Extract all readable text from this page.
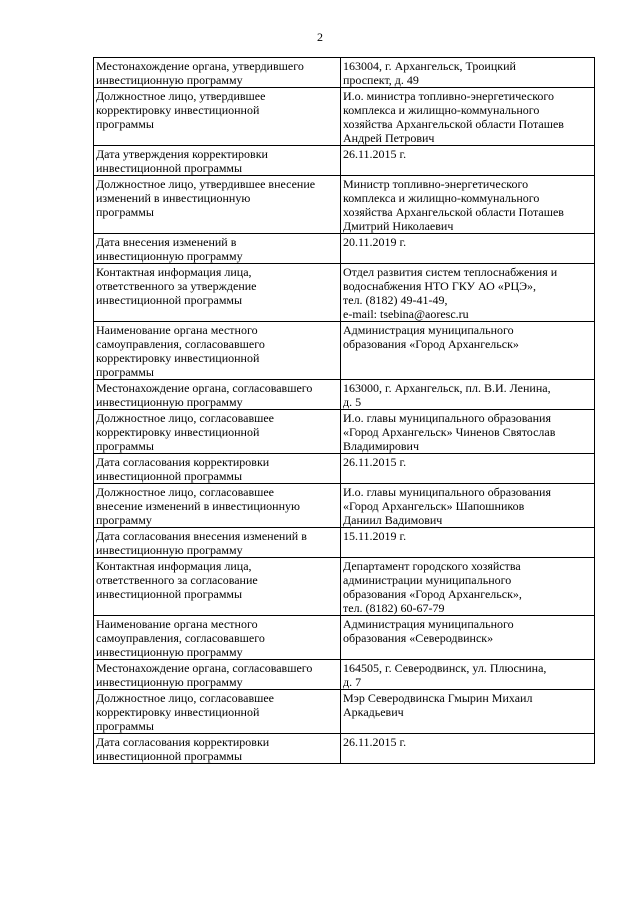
2
Местонахождение органа, утвердившего
инвестиционную программу	163004, г. Архангельск, Троицкий
проспект, д. 49

Должностное лицо, утвердившее
корректировку инвестиционной
программы	И.о. министра топливно-энергетического
комплекса и жилищно-коммунального
хозяйства Архангельской области Поташев
Андрей Петрович

Дата утверждения корректировки
инвестиционной программы	26.11.2015 г.

Должностное лицо, утвердившее внесение
изменений в инвестиционную
программы	Министр топливно-энергетического
комплекса и жилищно-коммунального
хозяйства Архангельской области Поташев
Дмитрий Николаевич

Дата внесения изменений в
инвестиционную программу	20.11.2019 г.

Контактная информация лица,
ответственного за утверждение
инвестиционной программы	Отдел развития систем теплоснабжения и
водоснабжения НТО ГКУ АО «РЦЭ»,
тел. (8182) 49-41-49,
e-mail: tsebina@aoresc.ru

Наименование органа местного
самоуправления, согласовавшего
корректировку инвестиционной
программы	Администрация муниципального
образования «Город Архангельск»

Местонахождение органа, согласовавшего
инвестиционную программу	163000, г. Архангельск, пл. В.И. Ленина,
д. 5

Должностное лицо, согласовавшее
корректировку инвестиционной
программы	И.о. главы муниципального образования
«Город Архангельск» Чиненов Святослав
Владимирович

Дата согласования корректировки
инвестиционной программы	26.11.2015 г.

Должностное лицо, согласовавшее
внесение изменений в инвестиционную
программу	И.о. главы муниципального образования
«Город Архангельск» Шапошников
Даниил Вадимович

Дата согласования внесения изменений в
инвестиционную программу	15.11.2019 г.

Контактная информация лица,
ответственного за согласование
инвестиционной программы	Департамент городского хозяйства
администрации муниципального
образования «Город Архангельск»,
тел. (8182) 60-67-79

Наименование органа местного
самоуправления, согласовавшего
инвестиционную программу	Администрация муниципального
образования «Северодвинск»

Местонахождение органа, согласовавшего
инвестиционную программу	164505, г. Северодвинск, ул. Плюснина,
д. 7

Должностное лицо, согласовавшее
корректировку инвестиционной
программы	Мэр Северодвинска Гмырин Михаил
Аркадьевич

Дата согласования корректировки
инвестиционной программы	26.11.2015 г.
